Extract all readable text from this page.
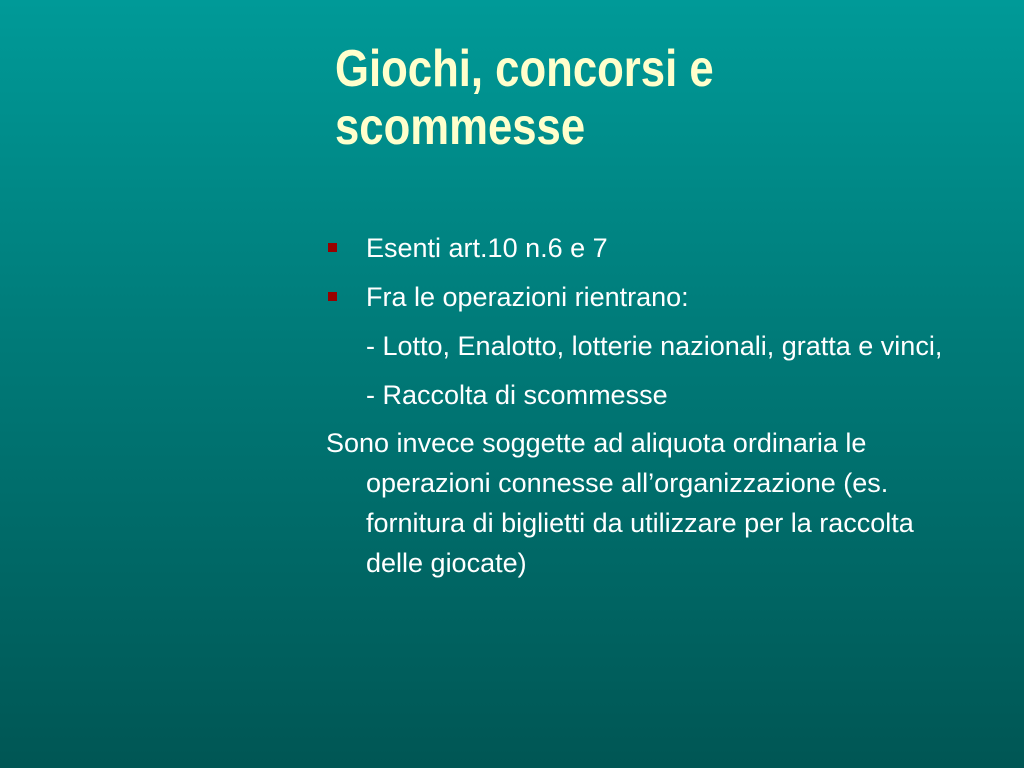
Giochi, concorsi e
scommesse
Esenti art.10 n.6 e 7
Fra le operazioni rientrano:
- Lotto, Enalotto, lotterie nazionali, gratta e vinci,
- Raccolta di scommesse
Sono invece soggette ad aliquota ordinaria le operazioni connesse all’organizzazione (es. fornitura di biglietti da utilizzare per la raccolta delle giocate)
